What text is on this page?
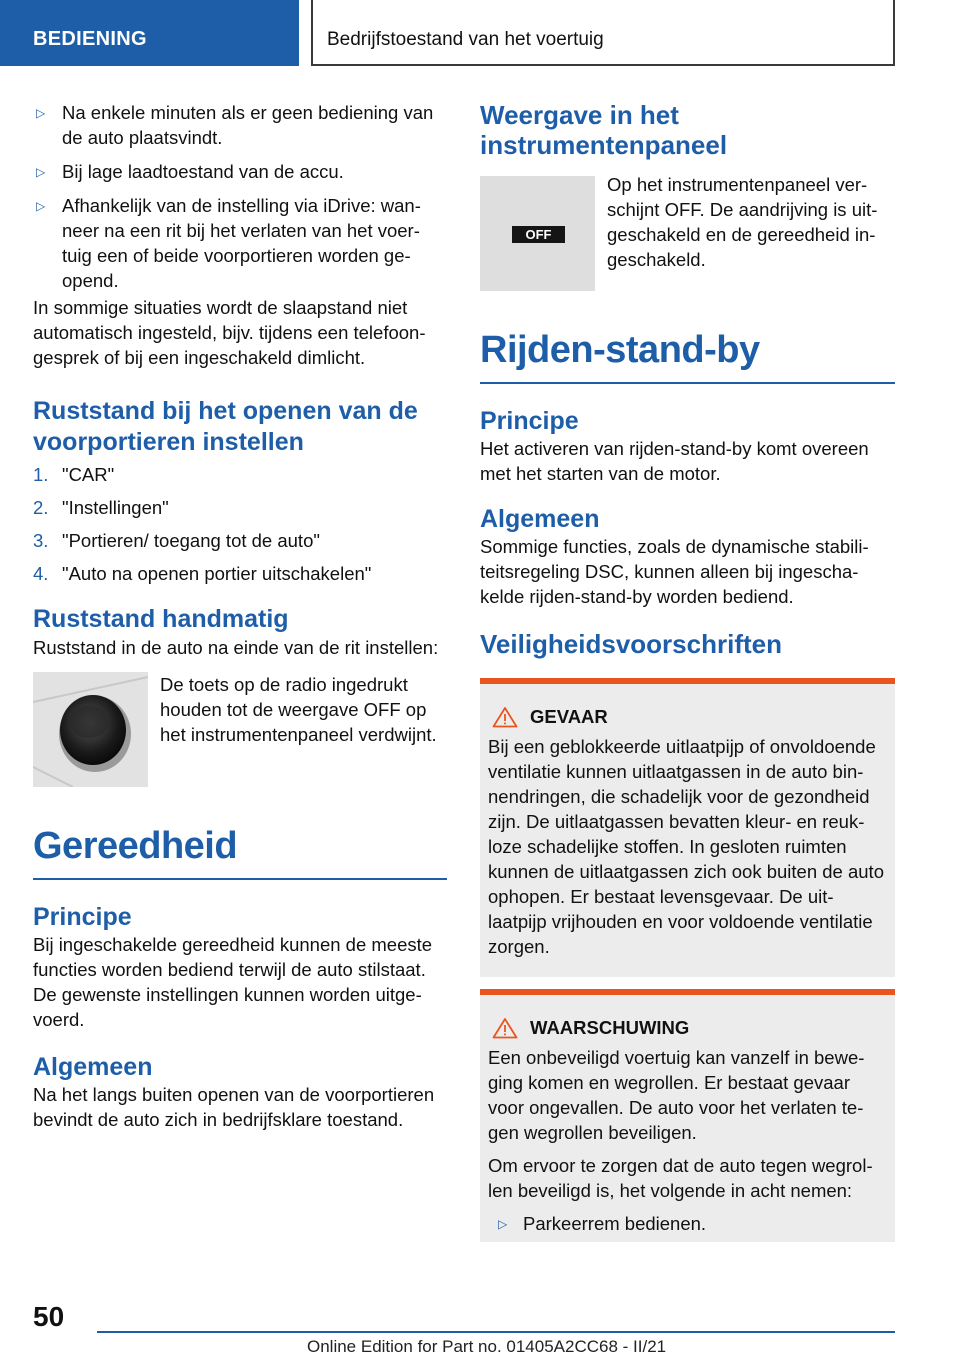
BEDIENING	Bedrijfstoestand van het voertuig
▷ Na enkele minuten als er geen bediening van de auto plaatsvindt.
▷ Bij lage laadtoestand van de accu.
▷ Afhankelijk van de instelling via iDrive: wan-neer na een rit bij het verlaten van het voer-tuig een of beide voorportieren worden ge-opend.

In sommige situaties wordt de slaapstand niet automatisch ingesteld, bijv. tijdens een telefoon-gesprek of bij een ingeschakeld dimlicht.

Ruststand bij het openen van de voorportieren instellen
1. "CAR"
2. "Instellingen"
3. "Portieren/ toegang tot de auto"
4. "Auto na openen portier uitschakelen"
Ruststand handmatig

Ruststand in de auto na einde van de rit instellen:

De toets op de radio ingedrukt houden tot de weergave OFF op het instrumentenpaneel verdwijnt.

Gereedheid
Principe

Bij ingeschakelde gereedheid kunnen de meeste functies worden bediend terwijl de auto stilstaat. De gewenste instellingen kunnen worden uitge-voerd.

Algemeen

Na het langs buiten openen van de voorportieren bevindt de auto zich in bedrijfsklare toestand.

Weergave in het instrumentenpaneel
OFF

Op het instrumentenpaneel ver-schijnt OFF. De aandrijving is uit-geschakeld en de gereedheid in-geschakeld.

Rijden-stand-by
Principe

Het activeren van rijden-stand-by komt overeen met het starten van de motor.

Algemeen

Sommige functies, zoals de dynamische stabili-teitsregeling DSC, kunnen alleen bij ingescha-kelde rijden-stand-by worden bediend.

Veiligheidsvoorschriften
GEVAAR

Bij een geblokkeerde uitlaatpijp of onvoldoende ventilatie kunnen uitlaatgassen in de auto bin-nendringen, die schadelijk voor de gezondheid zijn. De uitlaatgassen bevatten kleur- en reuk-loze schadelijke stoffen. In gesloten ruimten kunnen de uitlaatgassen zich ook buiten de auto ophopen. Er bestaat levensgevaar. De uit-laatpijp vrijhouden en voor voldoende ventilatie zorgen.

WAARSCHUWING

Een onbeveiligd voertuig kan vanzelf in bewe-ging komen en wegrollen. Er bestaat gevaar voor ongevallen. De auto voor het verlaten te-gen wegrollen beveiligen.

Om ervoor te zorgen dat de auto tegen wegrol-len beveiligd is, het volgende in acht nemen:

▷ Parkeerrem bedienen.
50
Online Edition for Part no. 01405A2CC68 - II/21
